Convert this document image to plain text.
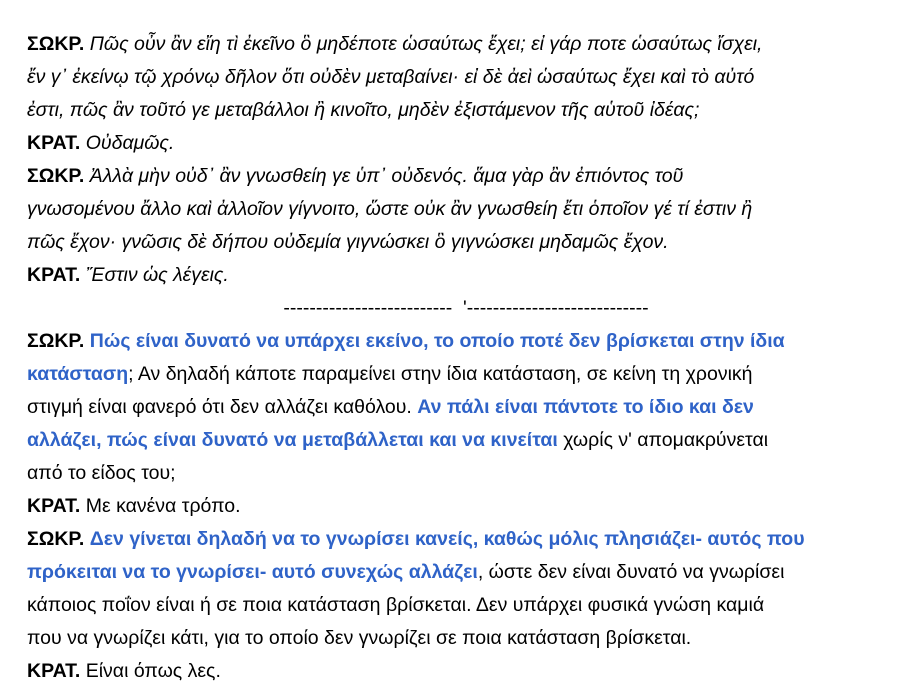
ΣΩΚΡ. Πῶς οὖν ἂν εἴη τὶ ἐκεῖνο ὃ μηδέποτε ὡσαύτως ἔχει; εἰ γάρ ποτε ὡσαύτως ἴσχει,
ἔν γ᾽ ἐκείνῳ τῷ χρόνῳ δῆλον ὅτι οὐδὲν μεταβαίνει· εἰ δὲ ἀεὶ ὡσαύτως ἔχει καὶ τὸ αὐτό
ἐστι, πῶς ἂν τοῦτό γε μεταβάλλοι ἢ κινοῖτο, μηδὲν ἐξιστάμενον τῆς αὑτοῦ ἰδέας;
ΚΡΑΤ. Οὐδαμῶς.
ΣΩΚΡ. Ἀλλὰ μὴν οὐδ᾽ ἂν γνωσθείη γε ὑπ᾽ οὐδενός. ἅμα γὰρ ἂν ἐπιόντος τοῦ
γνωσομένου ἄλλο καὶ ἀλλοῖον γίγνοιτο, ὥστε οὐκ ἂν γνωσθείη ἔτι ὁποῖον γέ τί ἐστιν ἢ
πῶς ἔχον· γνῶσις δὲ δήπου οὐδεμία γιγνώσκει ὃ γιγνώσκει μηδαμῶς ἔχον.
ΚΡΑΤ. Ἔστιν ὡς λέγεις.
--------------------------  '----------------------------
ΣΩΚΡ. Πώς είναι δυνατό να υπάρχει εκείνο, το οποίο ποτέ δεν βρίσκεται στην ίδια
κατάσταση; Αν δηλαδή κάποτε παραμείνει στην ίδια κατάσταση, σε κείνη τη χρονική
στιγμή είναι φανερό ότι δεν αλλάζει καθόλου. Αν πάλι είναι πάντοτε το ίδιο και δεν
αλλάζει, πώς είναι δυνατό να μεταβάλλεται και να κινείται χωρίς ν' απομακρύνεται
από το είδος του;
ΚΡΑΤ. Με κανένα τρόπο.
ΣΩΚΡ. Δεν γίνεται δηλαδή να το γνωρίσει κανείς, καθώς μόλις πλησιάζει- αυτός που
πρόκειται να το γνωρίσει- αυτό συνεχώς αλλάζει, ώστε δεν είναι δυνατό να γνωρίσει
κάποιος ποΐον είναι ή σε ποια κατάσταση βρίσκεται. Δεν υπάρχει φυσικά γνώση καμιά
που να γνωρίζει κάτι, για το οποίο δεν γνωρίζει σε ποια κατάσταση βρίσκεται.
ΚΡΑΤ. Είναι όπως λες.
